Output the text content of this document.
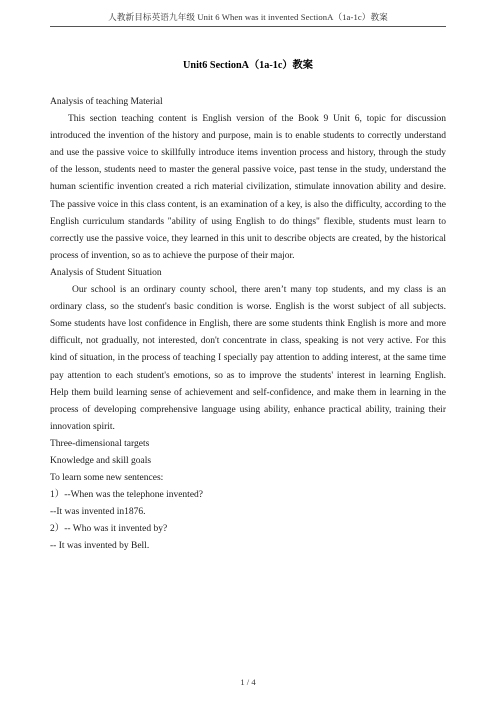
人教新目标英语九年级 Unit 6 When was it invented SectionA（1a-1c）教案
Unit6 SectionA（1a-1c）教案

Analysis of teaching Material

This section teaching content is English version of the Book 9 Unit 6, topic for discussion introduced the invention of the history and purpose, main is to enable students to correctly understand and use the passive voice to skillfully introduce items invention process and history, through the study of the lesson, students need to master the general passive voice, past tense in the study, understand the human scientific invention created a rich material civilization, stimulate innovation ability and desire. The passive voice in this class content, is an examination of a key, is also the difficulty, according to the English curriculum standards "ability of using English to do things" flexible, students must learn to correctly use the passive voice, they learned in this unit to describe objects are created, by the historical process of invention, so as to achieve the purpose of their major.

Analysis of Student Situation

Our school is an ordinary county school, there aren’t many top students, and my class is an ordinary class, so the student's basic condition is worse. English is the worst subject of all subjects. Some students have lost confidence in English, there are some students think English is more and more difficult, not gradually, not interested, don't concentrate in class, speaking is not very active. For this kind of situation, in the process of teaching I specially pay attention to adding interest, at the same time pay attention to each student's emotions, so as to improve the students' interest in learning English. Help them build learning sense of achievement and self-confidence, and make them in learning in the process of developing comprehensive language using ability, enhance practical ability, training their innovation spirit.

Three-dimensional targets

Knowledge and skill goals

To learn some new sentences:

1）--When was the telephone invented?

--It was invented in1876.

2）-- Who was it invented by?

-- It was invented by Bell.

1 / 4
